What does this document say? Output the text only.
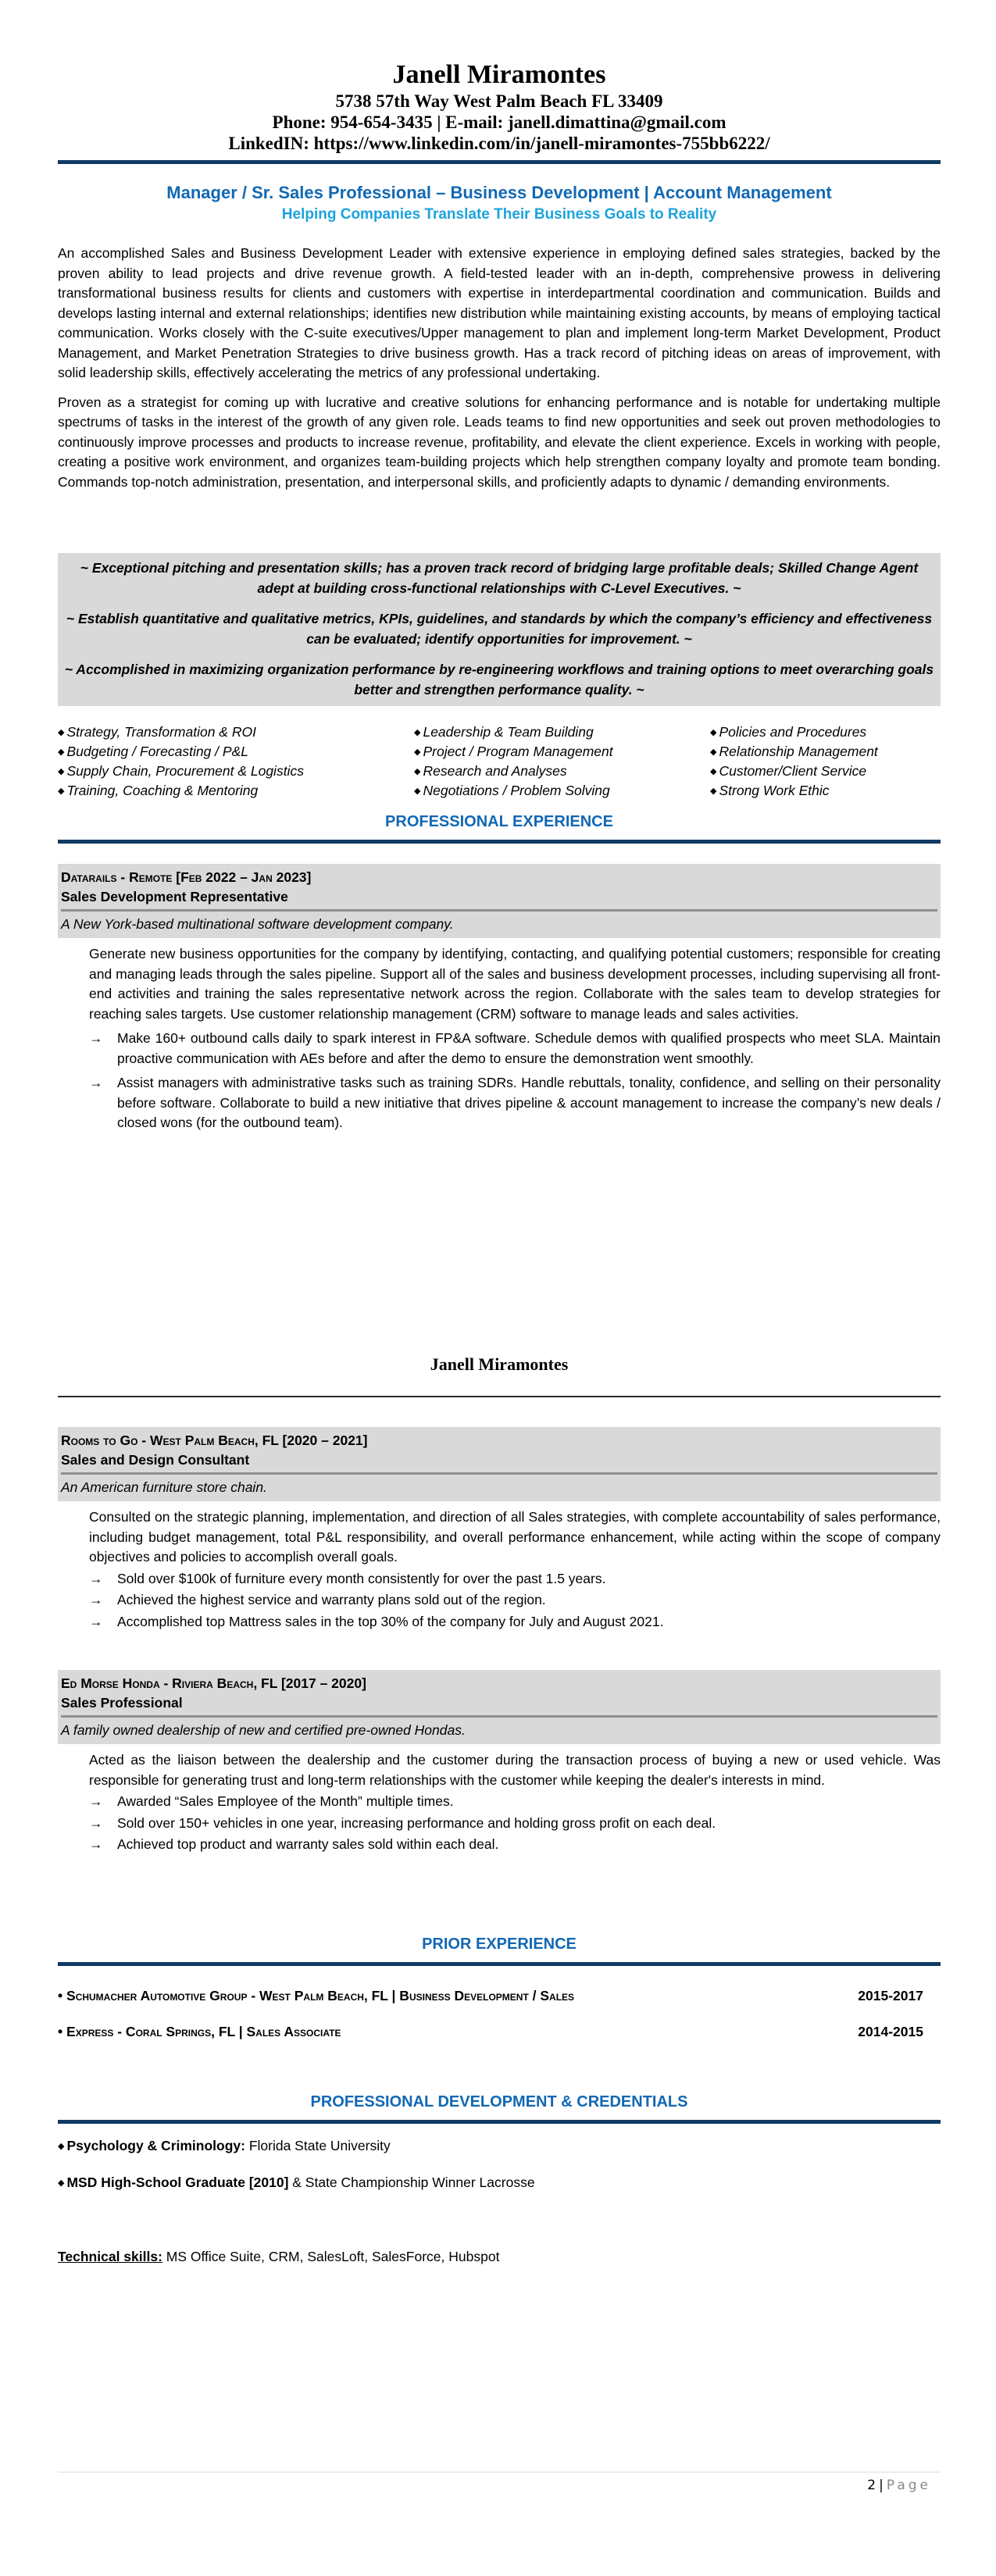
Janell Miramontes
5738 57th Way West Palm Beach FL 33409
Phone: 954-654-3435 | E-mail: janell.dimattina@gmail.com
LinkedIN: https://www.linkedin.com/in/janell-miramontes-755bb6222/
Manager / Sr. Sales Professional – Business Development | Account Management
Helping Companies Translate Their Business Goals to Reality

An accomplished Sales and Business Development Leader with extensive experience in employing defined sales strategies, backed by the proven ability to lead projects and drive revenue growth. A field-tested leader with an in-depth, comprehensive prowess in delivering transformational business results for clients and customers with expertise in interdepartmental coordination and communication. Builds and develops lasting internal and external relationships; identifies new distribution while maintaining existing accounts, by means of employing tactical communication. Works closely with the C-suite executives/Upper management to plan and implement long-term Market Development, Product Management, and Market Penetration Strategies to drive business growth. Has a track record of pitching ideas on areas of improvement, with solid leadership skills, effectively accelerating the metrics of any professional undertaking.

Proven as a strategist for coming up with lucrative and creative solutions for enhancing performance and is notable for undertaking multiple spectrums of tasks in the interest of the growth of any given role. Leads teams to find new opportunities and seek out proven methodologies to continuously improve processes and products to increase revenue, profitability, and elevate the client experience. Excels in working with people, creating a positive work environment, and organizes team-building projects which help strengthen company loyalty and promote team bonding. Commands top-notch administration, presentation, and interpersonal skills, and proficiently adapts to dynamic / demanding environments.

~ Exceptional pitching and presentation skills; has a proven track record of bridging large profitable deals; Skilled Change Agent adept at building cross-functional relationships with C-Level Executives. ~

~ Establish quantitative and qualitative metrics, KPIs, guidelines, and standards by which the company’s efficiency and effectiveness can be evaluated; identify opportunities for improvement. ~

~ Accomplished in maximizing organization performance by re-engineering workflows and training options to meet overarching goals better and strengthen performance quality. ~

◆ Strategy, Transformation & ROI
◆ Budgeting / Forecasting / P&L
◆ Supply Chain, Procurement & Logistics
◆ Training, Coaching & Mentoring
◆ Leadership & Team Building
◆ Project / Program Management
◆ Research and Analyses
◆ Negotiations / Problem Solving
◆ Policies and Procedures
◆ Relationship Management
◆ Customer/Client Service
◆ Strong Work Ethic
PROFESSIONAL EXPERIENCE
Datarails - Remote [Feb 2022 – Jan 2023]
Sales Development Representative
A New York-based multinational software development company.

Generate new business opportunities for the company by identifying, contacting, and qualifying potential customers; responsible for creating and managing leads through the sales pipeline. Support all of the sales and business development processes, including supervising all front-end activities and training the sales representative network across the region. Collaborate with the sales team to develop strategies for reaching sales targets. Use customer relationship management (CRM) software to manage leads and sales activities.

→ Make 160+ outbound calls daily to spark interest in FP&A software. Schedule demos with qualified prospects who meet SLA. Maintain proactive communication with AEs before and after the demo to ensure the demonstration went smoothly.
→ Assist managers with administrative tasks such as training SDRs. Handle rebuttals, tonality, confidence, and selling on their personality before software. Collaborate to build a new initiative that drives pipeline & account management to increase the company’s new deals / closed wons (for the outbound team).
Janell Miramontes
Rooms to Go - West Palm Beach, FL [2020 – 2021]
Sales and Design Consultant
An American furniture store chain.

Consulted on the strategic planning, implementation, and direction of all Sales strategies, with complete accountability of sales performance, including budget management, total P&L responsibility, and overall performance enhancement, while acting within the scope of company objectives and policies to accomplish overall goals.

→ Sold over $100k of furniture every month consistently for over the past 1.5 years.
→ Achieved the highest service and warranty plans sold out of the region.
→ Accomplished top Mattress sales in the top 30% of the company for July and August 2021.
Ed Morse Honda - Riviera Beach, FL [2017 – 2020]
Sales Professional
A family owned dealership of new and certified pre-owned Hondas.

Acted as the liaison between the dealership and the customer during the transaction process of buying a new or used vehicle. Was responsible for generating trust and long-term relationships with the customer while keeping the dealer's interests in mind.

→ Awarded “Sales Employee of the Month” multiple times.
→ Sold over 150+ vehicles in one year, increasing performance and holding gross profit on each deal.
→ Achieved top product and warranty sales sold within each deal.
PRIOR EXPERIENCE
• Schumacher Automotive Group - West Palm Beach, FL | Business Development / Sales	2015-2017
• Express - Coral Springs, FL | Sales Associate	2014-2015
PROFESSIONAL DEVELOPMENT & CREDENTIALS
◆ Psychology & Criminology: Florida State University
◆ MSD High-School Graduate [2010] & State Championship Winner Lacrosse
Technical skills: MS Office Suite, CRM, SalesLoft, SalesForce, Hubspot
2 | Page
